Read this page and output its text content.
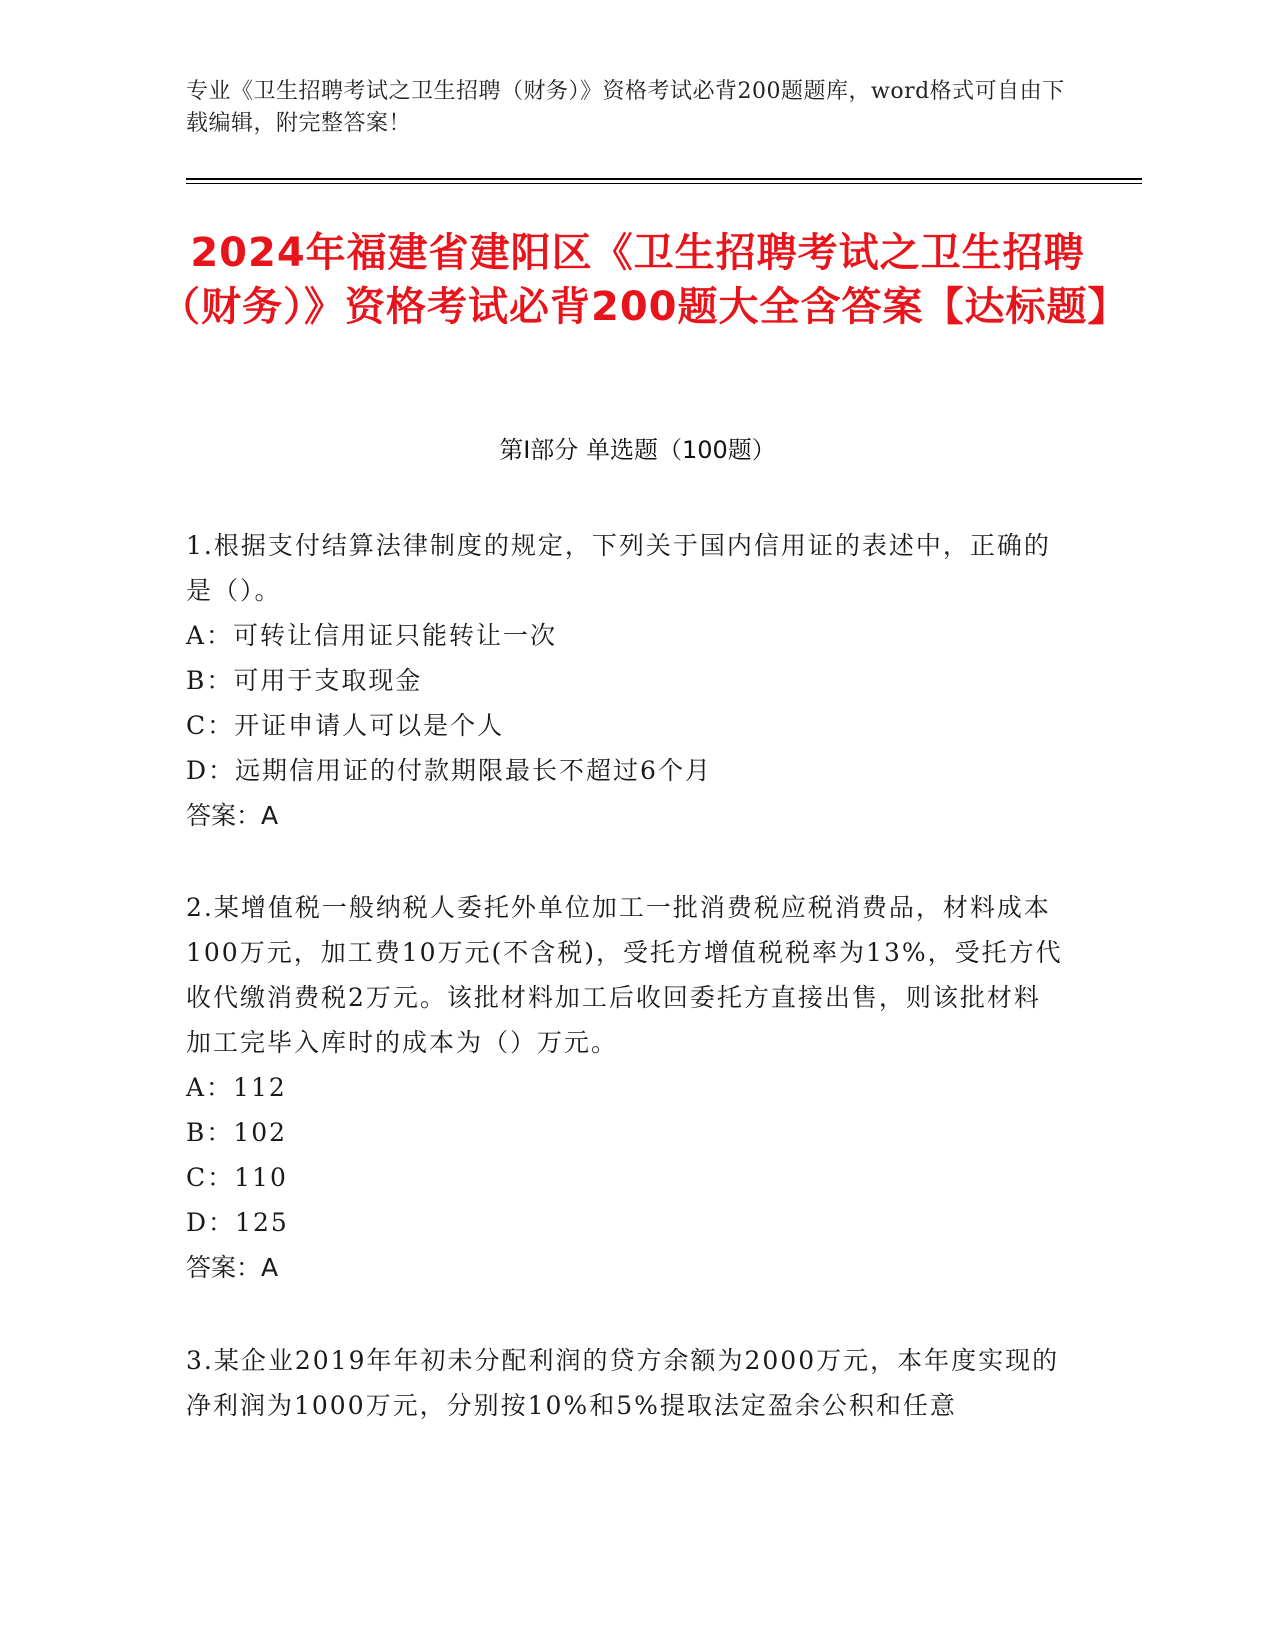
专业《卫生招聘考试之卫生招聘（财务）》资格考试必背200题题库，word格式可自由下载编辑，附完整答案！
2024年福建省建阳区《卫生招聘考试之卫生招聘（财务）》资格考试必背200题大全含答案【达标题】
第I部分 单选题（100题）

1.根据支付结算法律制度的规定，下列关于国内信用证的表述中，正确的是（）。

A：可转让信用证只能转让一次

B：可用于支取现金

C：开证申请人可以是个人

D：远期信用证的付款期限最长不超过6个月

答案：A

2.某增值税一般纳税人委托外单位加工一批消费税应税消费品，材料成本100万元，加工费10万元(不含税)，受托方增值税税率为13%，受托方代收代缴消费税2万元。该批材料加工后收回委托方直接出售，则该批材料加工完毕入库时的成本为（）万元。

A：112

B：102

C：110

D：125

答案：A

3.某企业2019年年初未分配利润的贷方余额为2000万元，本年度实现的净利润为1000万元，分别按10%和5%提取法定盈余公积和任意
